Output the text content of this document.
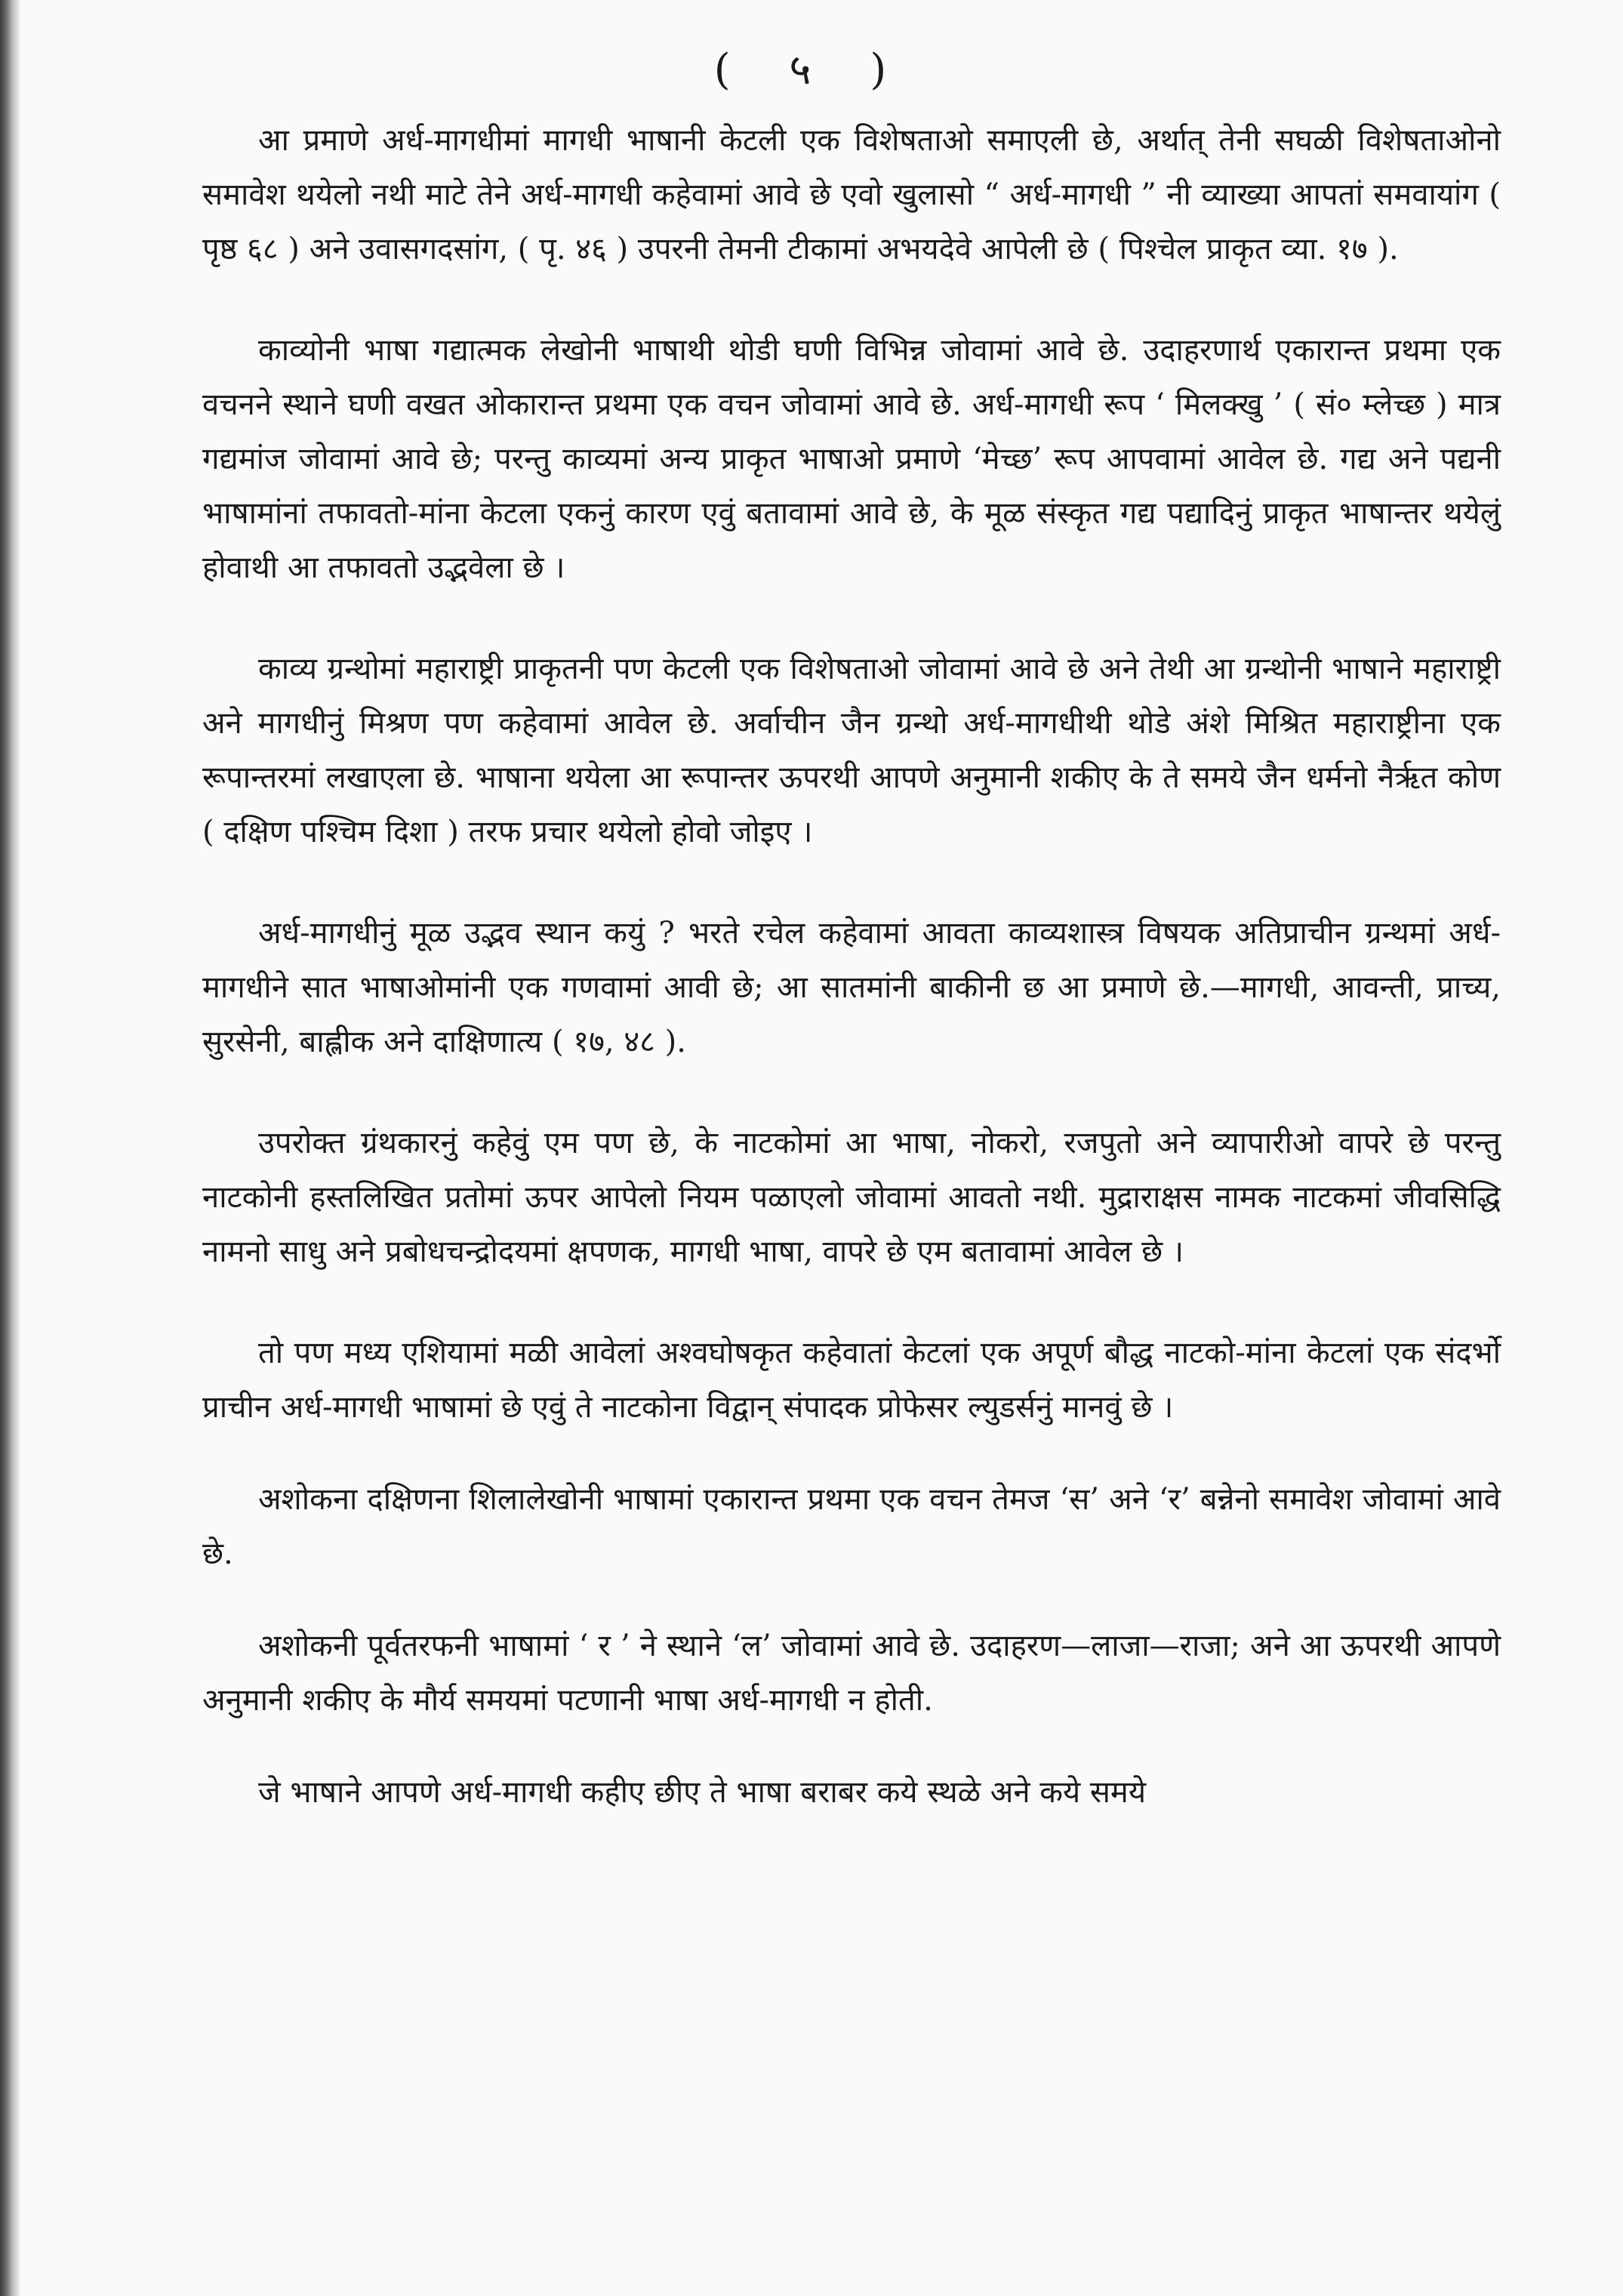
( ५ )

आ प्रमाणे अर्ध-मागधीमां मागधी भाषानी केटली एक विशेषताओ समाएली छे, अर्थात् तेनी सघळी विशेषताओनो समावेश थयेलो नथी माटे तेने अर्ध-मागधी कहेवामां आवे छे एवो खुलासो “ अर्ध-मागधी ” नी व्याख्या आपतां समवायांग ( पृष्ठ ६८ ) अने उवासगदसांग, ( पृ. ४६ ) उपरनी तेमनी टीकामां अभयदेवे आपेली छे ( पिश्चेल प्राकृत व्या. १७ ).

काव्योनी भाषा गद्यात्मक लेखोनी भाषाथी थोडी घणी विभिन्न जोवामां आवे छे. उदाहरणार्थ एकारान्त प्रथमा एक वचनने स्थाने घणी वखत ओकारान्त प्रथमा एक वचन जोवामां आवे छे. अर्ध-मागधी रूप ‘ मिलक्खु ’ ( सं० म्लेच्छ ) मात्र गद्यमांज जोवामां आवे छे; परन्तु काव्यमां अन्य प्राकृत भाषाओ प्रमाणे ‘मेच्छ’ रूप आपवामां आवेल छे. गद्य अने पद्यनी भाषामांनां तफावतो-मांना केटला एकनुं कारण एवुं बतावामां आवे छे, के मूळ संस्कृत गद्य पद्यादिनुं प्राकृत भाषान्तर थयेलुं होवाथी आ तफावतो उद्भवेला छे ।

काव्य ग्रन्थोमां महाराष्ट्री प्राकृतनी पण केटली एक विशेषताओ जोवामां आवे छे अने तेथी आ ग्रन्थोनी भाषाने महाराष्ट्री अने मागधीनुं मिश्रण पण कहेवामां आवेल छे. अर्वाचीन जैन ग्रन्थो अर्ध-मागधीथी थोडे अंशे मिश्रित महाराष्ट्रीना एक रूपान्तरमां लखाएला छे. भाषाना थयेला आ रूपान्तर ऊपरथी आपणे अनुमानी शकीए के ते समये जैन धर्मनो नैर्ऋत कोण ( दक्षिण पश्चिम दिशा ) तरफ प्रचार थयेलो होवो जोइए ।

अर्ध-मागधीनुं मूळ उद्भव स्थान कयुं ? भरते रचेल कहेवामां आवता काव्यशास्त्र विषयक अतिप्राचीन ग्रन्थमां अर्ध-मागधीने सात भाषाओमांनी एक गणवामां आवी छे; आ सातमांनी बाकीनी छ आ प्रमाणे छे.—मागधी, आवन्ती, प्राच्य, सुरसेनी, बाह्लीक अने दाक्षिणात्य ( १७, ४८ ).

उपरोक्त ग्रंथकारनुं कहेवुं एम पण छे, के नाटकोमां आ भाषा, नोकरो, रजपुतो अने व्यापारीओ वापरे छे परन्तु नाटकोनी हस्तलिखित प्रतोमां ऊपर आपेलो नियम पळाएलो जोवामां आवतो नथी. मुद्राराक्षस नामक नाटकमां जीवसिद्धि नामनो साधु अने प्रबोधचन्द्रोदयमां क्षपणक, मागधी भाषा, वापरे छे एम बतावामां आवेल छे ।

तो पण मध्य एशियामां मळी आवेलां अश्वघोषकृत कहेवातां केटलां एक अपूर्ण बौद्ध नाटको-मांना केटलां एक संदर्भो प्राचीन अर्ध-मागधी भाषामां छे एवुं ते नाटकोना विद्वान् संपादक प्रोफेसर ल्युडर्सनुं मानवुं छे ।

अशोकना दक्षिणना शिलालेखोनी भाषामां एकारान्त प्रथमा एक वचन तेमज ‘स’ अने ‘र’ बन्नेनो समावेश जोवामां आवे छे.

अशोकनी पूर्वतरफनी भाषामां ‘ र ’ ने स्थाने ‘ल’ जोवामां आवे छे. उदाहरण—लाजा—राजा; अने आ ऊपरथी आपणे अनुमानी शकीए के मौर्य समयमां पटणानी भाषा अर्ध-मागधी न होती.

जे भाषाने आपणे अर्ध-मागधी कहीए छीए ते भाषा बराबर कये स्थळे अने कये समये
